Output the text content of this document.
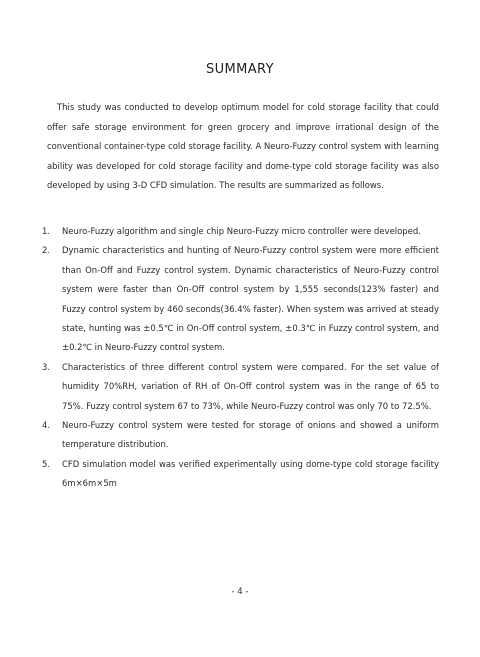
SUMMARY

This study was conducted to develop optimum model for cold storage facility that could offer safe storage environment for green grocery and improve irrational design of the conventional container-type cold storage facility. A Neuro-Fuzzy control system with learning ability was developed for cold storage facility and dome-type cold storage facility was also developed by using 3-D CFD simulation. The results are summarized as follows.

1. Neuro-Fuzzy algorithm and single chip Neuro-Fuzzy micro controller were developed.
2. Dynamic characteristics and hunting of Neuro-Fuzzy control system were more efficient than On-Off and Fuzzy control system. Dynamic characteristics of Neuro-Fuzzy control system were faster than On-Off control system by 1,555 seconds(123% faster) and Fuzzy control system by 460 seconds(36.4% faster). When system was arrived at steady state, hunting was ±0.5℃ in On-Off control system, ±0.3℃ in Fuzzy control system, and ±0.2℃ in Neuro-Fuzzy control system.
3. Characteristics of three different control system were compared. For the set value of humidity 70%RH, variation of RH of On-Off control system was in the range of 65 to 75%. Fuzzy control system 67 to 73%, while Neuro-Fuzzy control was only 70 to 72.5%.
4. Neuro-Fuzzy control system were tested for storage of onions and showed a uniform temperature distribution.
5. CFD simulation model was verified experimentally using dome-type cold storage facility 6m×6m×5m
- 4 -
